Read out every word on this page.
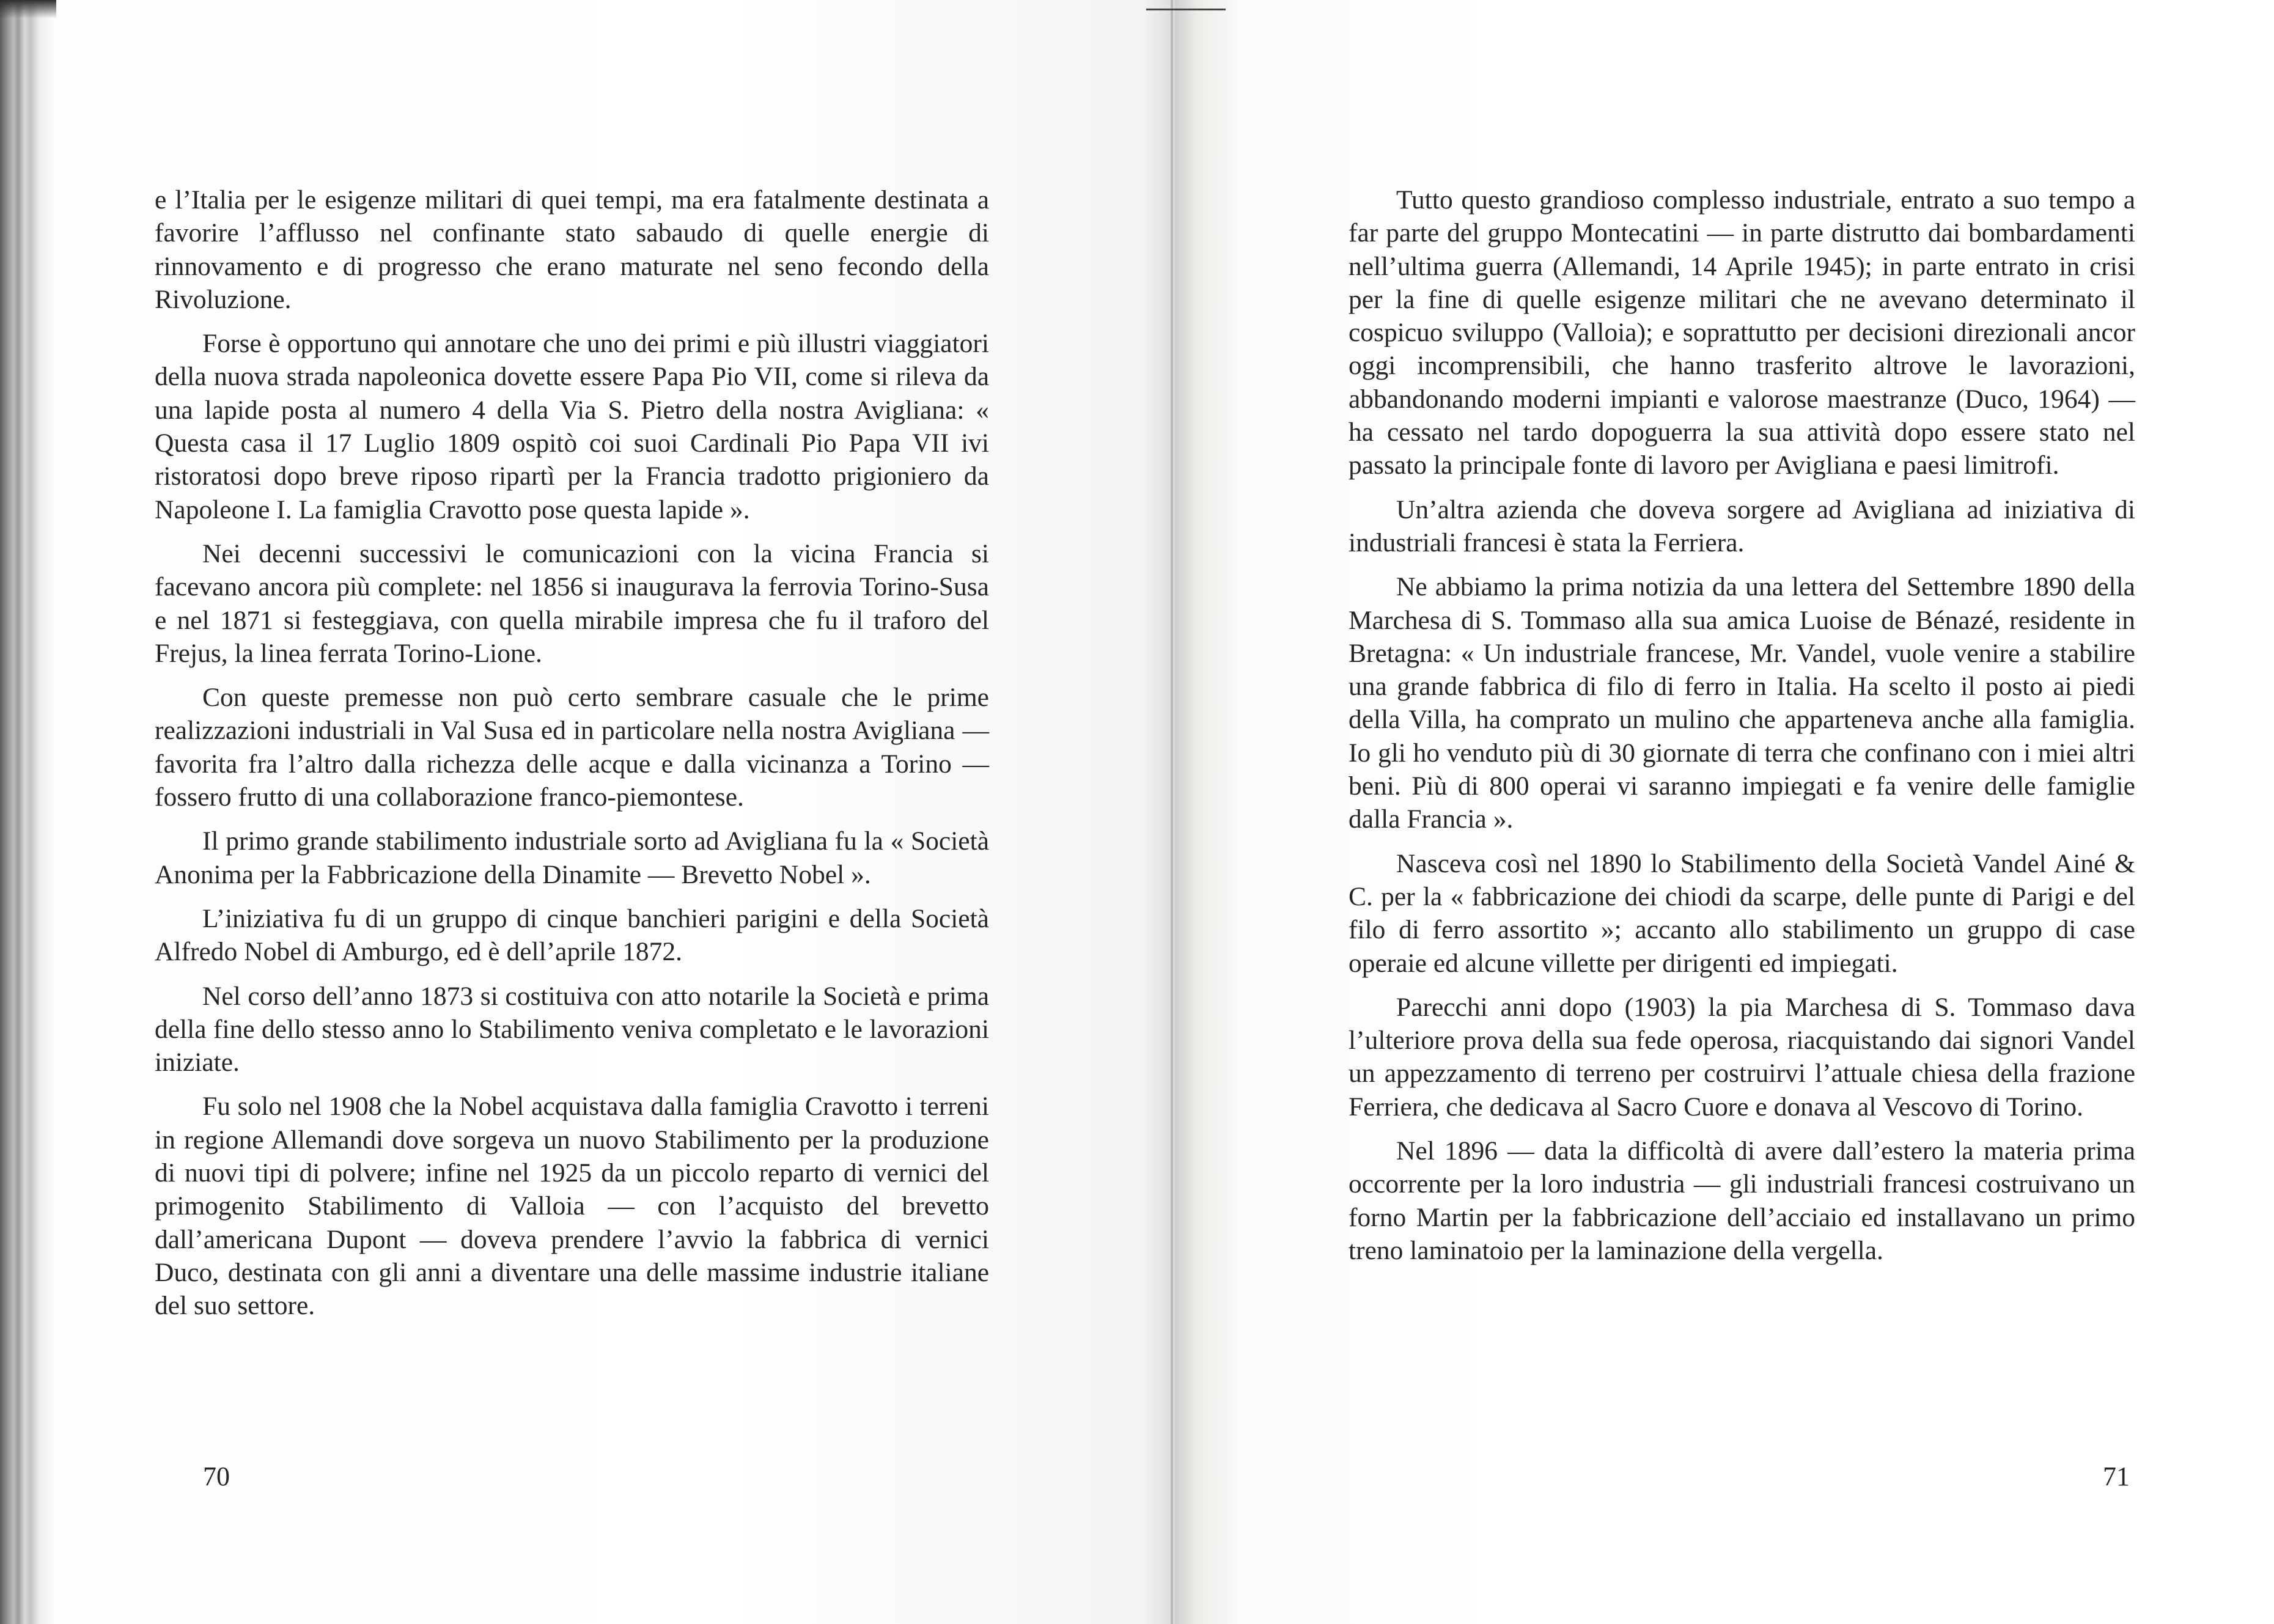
e l’Italia per le esigenze militari di quei tempi, ma era fatalmente destinata a favorire l’afflusso nel confinante stato sabaudo di quelle energie di rinnovamento e di progresso che erano maturate nel seno fecondo della Rivoluzione.

Forse è opportuno qui annotare che uno dei primi e più illustri viaggiatori della nuova strada napoleonica dovette essere Papa Pio VII, come si rileva da una lapide posta al numero 4 della Via S. Pietro della nostra Avigliana: « Questa casa il 17 Luglio 1809 ospitò coi suoi Cardinali Pio Papa VII ivi ristoratosi dopo breve riposo ripartì per la Francia tradotto prigioniero da Napoleone I. La famiglia Cravotto pose questa lapide ».

Nei decenni successivi le comunicazioni con la vicina Francia si facevano ancora più complete: nel 1856 si inaugurava la ferrovia Torino-Susa e nel 1871 si festeggiava, con quella mirabile impresa che fu il traforo del Frejus, la linea ferrata Torino-Lione.

Con queste premesse non può certo sembrare casuale che le prime realizzazioni industriali in Val Susa ed in particolare nella nostra Avigliana — favorita fra l’altro dalla richezza delle acque e dalla vicinanza a Torino — fossero frutto di una collaborazione franco-piemontese.

Il primo grande stabilimento industriale sorto ad Avigliana fu la « Società Anonima per la Fabbricazione della Dinamite — Brevetto Nobel ».

L’iniziativa fu di un gruppo di cinque banchieri parigini e della Società Alfredo Nobel di Amburgo, ed è dell’aprile 1872.

Nel corso dell’anno 1873 si costituiva con atto notarile la Società e prima della fine dello stesso anno lo Stabilimento veniva completato e le lavorazioni iniziate.

Fu solo nel 1908 che la Nobel acquistava dalla famiglia Cravotto i terreni in regione Allemandi dove sorgeva un nuovo Stabilimento per la produzione di nuovi tipi di polvere; infine nel 1925 da un piccolo reparto di vernici del primogenito Stabilimento di Valloia — con l’acquisto del brevetto dall’americana Dupont — doveva prendere l’avvio la fabbrica di vernici Duco, destinata con gli anni a diventare una delle massime industrie italiane del suo settore.

70

Tutto questo grandioso complesso industriale, entrato a suo tempo a far parte del gruppo Montecatini — in parte distrutto dai bombardamenti nell’ultima guerra (Allemandi, 14 Aprile 1945); in parte entrato in crisi per la fine di quelle esigenze militari che ne avevano determinato il cospicuo sviluppo (Valloia); e soprattutto per decisioni direzionali ancor oggi incomprensibili, che hanno trasferito altrove le lavorazioni, abbandonando moderni impianti e valorose maestranze (Duco, 1964) — ha cessato nel tardo dopoguerra la sua attività dopo essere stato nel passato la principale fonte di lavoro per Avigliana e paesi limitrofi.

Un’altra azienda che doveva sorgere ad Avigliana ad iniziativa di industriali francesi è stata la Ferriera.

Ne abbiamo la prima notizia da una lettera del Settembre 1890 della Marchesa di S. Tommaso alla sua amica Luoise de Bénazé, residente in Bretagna: « Un industriale francese, Mr. Vandel, vuole venire a stabilire una grande fabbrica di filo di ferro in Italia. Ha scelto il posto ai piedi della Villa, ha comprato un mulino che apparteneva anche alla famiglia. Io gli ho venduto più di 30 giornate di terra che confinano con i miei altri beni. Più di 800 operai vi saranno impiegati e fa venire delle famiglie dalla Francia ».

Nasceva così nel 1890 lo Stabilimento della Società Vandel Ainé & C. per la « fabbricazione dei chiodi da scarpe, delle punte di Parigi e del filo di ferro assortito »; accanto allo stabilimento un gruppo di case operaie ed alcune villette per dirigenti ed impiegati.

Parecchi anni dopo (1903) la pia Marchesa di S. Tommaso dava l’ulteriore prova della sua fede operosa, riacquistando dai signori Vandel un appezzamento di terreno per costruirvi l’attuale chiesa della frazione Ferriera, che dedicava al Sacro Cuore e donava al Vescovo di Torino.

Nel 1896 — data la difficoltà di avere dall’estero la materia prima occorrente per la loro industria — gli industriali francesi costruivano un forno Martin per la fabbricazione dell’acciaio ed installavano un primo treno laminatoio per la laminazione della vergella.

71
